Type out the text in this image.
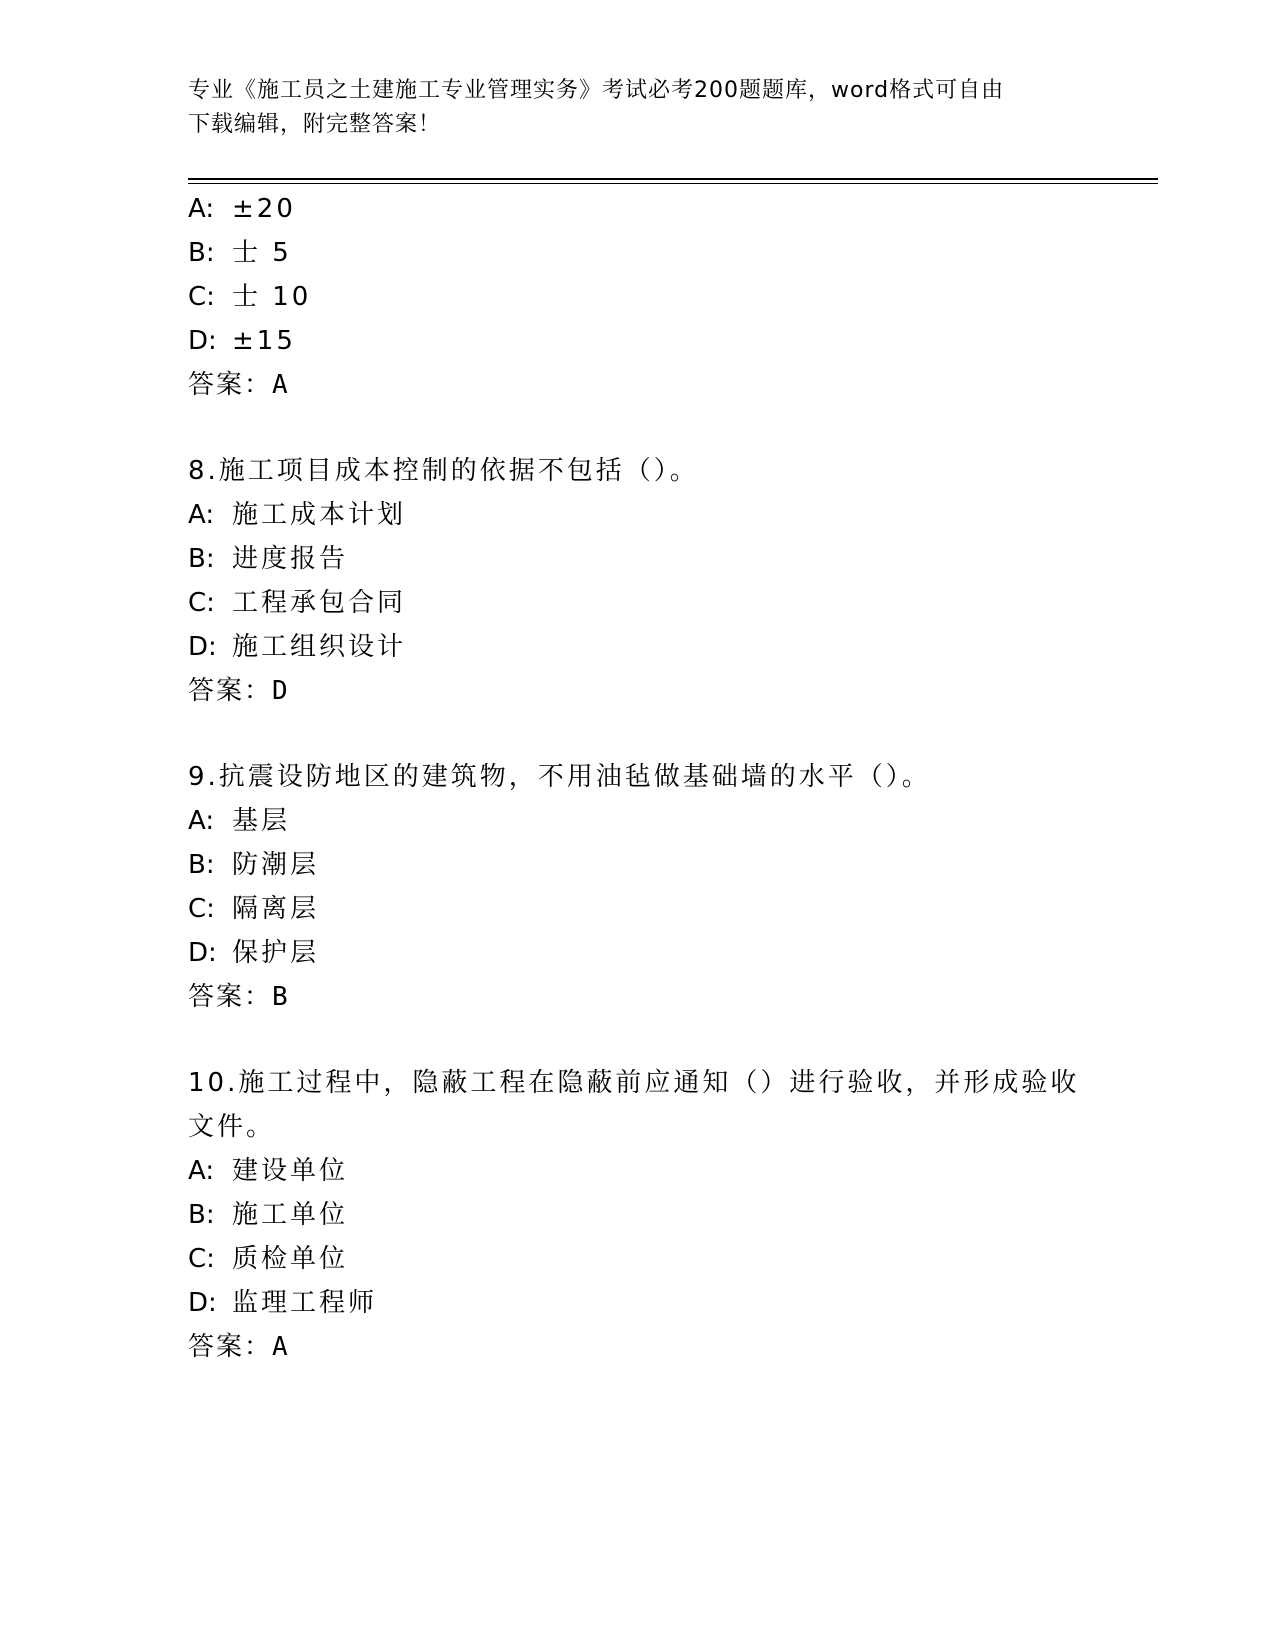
专业《施工员之土建施工专业管理实务》考试必考200题题库，word格式可自由
下载编辑，附完整答案！
A: ±20
B: 士 5
C: 士 10
D: ±15
答案：A
8.施工项目成本控制的依据不包括（）。
A: 施工成本计划
B: 进度报告
C: 工程承包合同
D: 施工组织设计
答案：D
9.抗震设防地区的建筑物，不用油毡做基础墙的水平（）。
A: 基层
B: 防潮层
C: 隔离层
D: 保护层
答案：B
10.施工过程中，隐蔽工程在隐蔽前应通知（）进行验收，并形成验收
文件。
A: 建设单位
B: 施工单位
C: 质检单位
D: 监理工程师
答案：A
